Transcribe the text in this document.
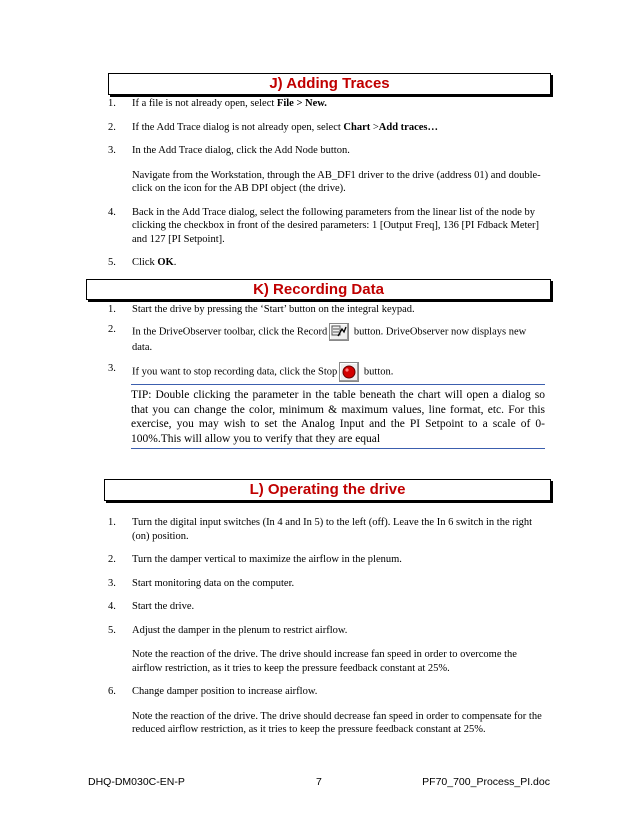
J) Adding Traces
1. If a file is not already open, select File > New.

2. If the Add Trace dialog is not already open, select Chart >Add traces…

3. In the Add Trace dialog, click the Add Node button.

Navigate from the Workstation, through the AB_DF1 driver to the drive (address 01) and double-click on the icon for the AB DPI object (the drive).

4. Back in the Add Trace dialog, select the following parameters from the linear list of the node by clicking the checkbox in front of the desired parameters: 1 [Output Freq], 136 [PI Fdback Meter] and 127 [PI Setpoint].

5. Click OK.

K) Recording Data
1. Start the drive by pressing the ‘Start’ button on the integral keypad.

2. In the DriveObserver toolbar, click the Record
button. DriveObserver now displays new data.

3. If you want to stop recording data, click the Stop
button.

TIP: Double clicking the parameter in the table beneath the chart will open a dialog so that you can change the color, minimum & maximum values, line format, etc. For this exercise, you may wish to set the Analog Input and the PI Setpoint to a scale of 0-100%.This will allow you to verify that they are equal
L) Operating the drive
1. Turn the digital input switches (In 4 and In 5) to the left (off). Leave the In 6 switch in the right (on) position.

2. Turn the damper vertical to maximize the airflow in the plenum.

3. Start monitoring data on the computer.

4. Start the drive.

5. Adjust the damper in the plenum to restrict airflow.

Note the reaction of the drive. The drive should increase fan speed in order to overcome the airflow restriction, as it tries to keep the pressure feedback constant at 25%.

6. Change damper position to increase airflow.

Note the reaction of the drive. The drive should decrease fan speed in order to compensate for the reduced airflow restriction, as it tries to keep the pressure feedback constant at 25%.

DHQ-DM030C-EN-P	7	PF70_700_Process_PI.doc
